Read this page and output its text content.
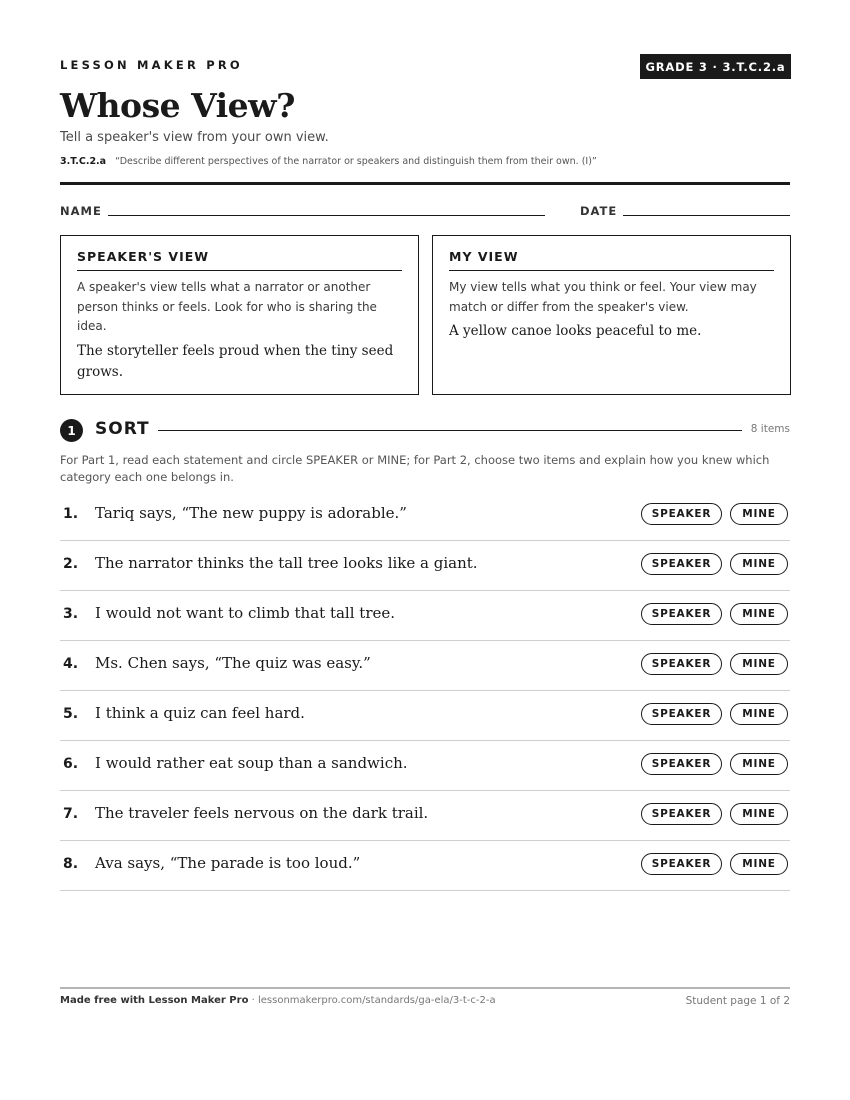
LESSON MAKER PRO	GRADE 3 · 3.T.C.2.a
Whose View?
Tell a speaker's view from your own view.
3.T.C.2.a “Describe different perspectives of the narrator or speakers and distinguish them from their own. (I)”
NAME	DATE
SPEAKER'S VIEW
A speaker's view tells what a narrator or another person thinks or feels. Look for who is sharing the idea.
The storyteller feels proud when the tiny seed grows.
MY VIEW
My view tells what you think or feel. Your view may match or differ from the speaker's view.
A yellow canoe looks peaceful to me.
1	SORT	8 items
For Part 1, read each statement and circle SPEAKER or MINE; for Part 2, choose two items and explain how you knew which category each one belongs in.
1. Tariq says, “The new puppy is adorable.”	SPEAKER	MINE
2. The narrator thinks the tall tree looks like a giant.	SPEAKER	MINE
3. I would not want to climb that tall tree.	SPEAKER	MINE
4. Ms. Chen says, “The quiz was easy.”	SPEAKER	MINE
5. I think a quiz can feel hard.	SPEAKER	MINE
6. I would rather eat soup than a sandwich.	SPEAKER	MINE
7. The traveler feels nervous on the dark trail.	SPEAKER	MINE
8. Ava says, “The parade is too loud.”	SPEAKER	MINE
Made free with Lesson Maker Pro · lessonmakerpro.com/standards/ga-ela/3-t-c-2-a	Student page 1 of 2
